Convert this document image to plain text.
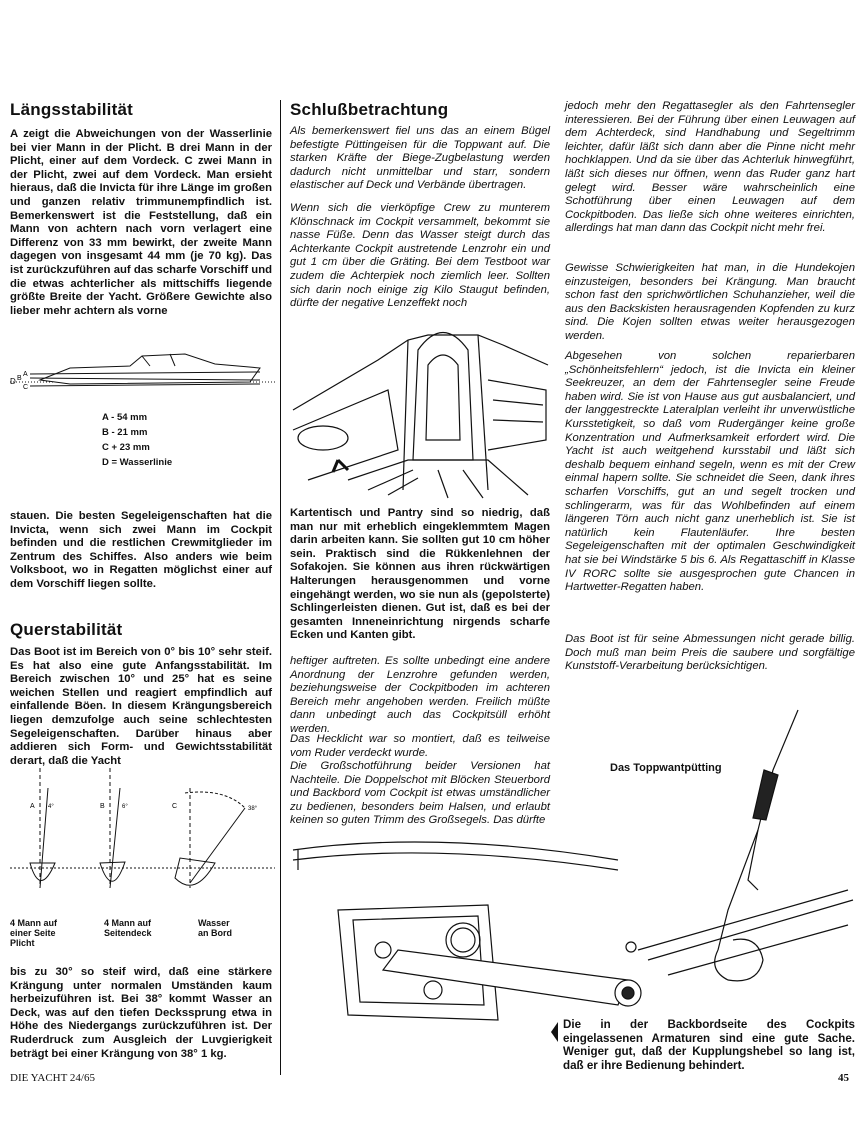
Längsstabilität

A zeigt die Abweichungen von der Wasserlinie bei vier Mann in der Plicht. B drei Mann in der Plicht, einer auf dem Vordeck. C zwei Mann in der Plicht, zwei auf dem Vordeck. Man ersieht hieraus, daß die Invicta für ihre Länge im großen und ganzen relativ trimmunempfindlich ist. Bemerkenswert ist die Feststellung, daß ein Mann von achtern nach vorn verlagert eine Differenz von 33 mm bewirkt, der zweite Mann dagegen von insgesamt 44 mm (je 70 kg). Das ist zurückzuführen auf das scharfe Vorschiff und die etwas achterlicher als mittschiffs liegende größte Breite der Yacht. Größere Gewichte also lieber mehr achtern als vorne

D B
A
C
A - 54 mm
B - 21 mm
C + 23 mm
D = Wasserlinie

stauen. Die besten Segeleigenschaften hat die Invicta, wenn sich zwei Mann im Cockpit befinden und die restlichen Crewmitglieder im Zentrum des Schiffes. Also anders wie beim Volksboot, wo in Regatten möglichst einer auf dem Vorschiff liegen sollte.

Querstabilität

Das Boot ist im Bereich von 0° bis 10° sehr steif. Es hat also eine gute Anfangsstabilität. Im Bereich zwischen 10° und 25° hat es seine weichen Stellen und reagiert empfindlich auf einfallende Böen. In diesem Krängungsbereich liegen demzufolge auch seine schlechtesten Segeleigenschaften. Darüber hinaus aber addieren sich Form- und Gewichtsstabilität derart, daß die Yacht

A 4°	B	6°	C	38°
4 Mann auf einer Seite Plicht
4 Mann auf Seitendeck
Wasser an Bord

bis zu 30° so steif wird, daß eine stärkere Krängung unter normalen Umständen kaum herbeizuführen ist. Bei 38° kommt Wasser an Deck, was auf den tiefen Deckssprung etwa in Höhe des Niedergangs zurückzuführen ist. Der Ruderdruck zum Ausgleich der Luvgierigkeit beträgt bei einer Krängung von 38° 1 kg.

Schlußbetrachtung

Als bemerkenswert fiel uns das an einem Bügel befestigte Püttingeisen für die Toppwant auf. Die starken Kräfte der Biege-Zugbelastung werden dadurch nicht unmittelbar und starr, sondern elastischer auf Deck und Verbände übertragen.

Wenn sich die vierköpfige Crew zu munterem Klönschnack im Cockpit versammelt, bekommt sie nasse Füße. Denn das Wasser steigt durch das Achterkante Cockpit austretende Lenzrohr ein und gut 1 cm über die Gräting. Bei dem Testboot war zudem die Achterpiek noch ziemlich leer. Sollten sich darin noch einige zig Kilo Staugut befinden, dürfte der negative Lenzeffekt noch

Kartentisch und Pantry sind so niedrig, daß man nur mit erheblich eingeklemmtem Magen darin arbeiten kann. Sie sollten gut 10 cm höher sein. Praktisch sind die Rükkenlehnen der Sofakojen. Sie können aus ihren rückwärtigen Halterungen herausgenommen und vorne eingehängt werden, wo sie nun als (gepolsterte) Schlingerleisten dienen. Gut ist, daß es bei der gesamten Inneneinrichtung nirgends scharfe Ecken und Kanten gibt.

heftiger auftreten. Es sollte unbedingt eine andere Anordnung der Lenzrohre gefunden werden, beziehungsweise der Cockpitboden im achteren Bereich mehr angehoben werden. Freilich müßte dann unbedingt auch das Cockpitsüll erhöht werden.

Das Hecklicht war so montiert, daß es teilweise vom Ruder verdeckt wurde.

Die Großschotführung beider Versionen hat Nachteile. Die Doppelschot mit Blöcken Steuerbord und Backbord vom Cockpit ist etwas umständlicher zu bedienen, besonders beim Halsen, und erlaubt keinen so guten Trimm des Großsegels. Das dürfte

jedoch mehr den Regattasegler als den Fahrtensegler interessieren. Bei der Führung über einen Leuwagen auf dem Achterdeck, sind Handhabung und Segeltrimm leichter, dafür läßt sich dann aber die Pinne nicht mehr hochklappen. Und da sie über das Achterluk hinwegführt, läßt sich dieses nur öffnen, wenn das Ruder ganz hart gelegt wird. Besser wäre wahrscheinlich eine Schotführung über einen Leuwagen auf dem Cockpitboden. Das ließe sich ohne weiteres einrichten, allerdings hat man dann das Cockpit nicht mehr frei.

Gewisse Schwierigkeiten hat man, in die Hundekojen einzusteigen, besonders bei Krängung. Man braucht schon fast den sprichwörtlichen Schuhanzieher, weil die aus den Backskisten herausragenden Kopfenden zu kurz sind. Die Kojen sollten etwas weiter herausgezogen werden.

Abgesehen von solchen reparierbaren „Schönheitsfehlern“ jedoch, ist die Invicta ein kleiner Seekreuzer, an dem der Fahrtensegler seine Freude haben wird. Sie ist von Hause aus gut ausbalanciert, und der langgestreckte Lateralplan verleiht ihr unverwüstliche Kursstetigkeit, so daß vom Rudergänger keine große Konzentration und Aufmerksamkeit erfordert wird. Die Yacht ist auch weitgehend kursstabil und läßt sich deshalb bequem einhand segeln, wenn es mit der Crew einmal hapern sollte. Sie schneidet die Seen, dank ihres scharfen Vorschiffs, gut an und segelt trocken und schlingerarm, was für das Wohlbefinden auf einem längeren Törn auch nicht ganz unerheblich ist. Sie ist natürlich kein Flautenläufer. Ihre besten Segeleigenschaften mit der optimalen Geschwindigkeit hat sie bei Windstärke 5 bis 6. Als Regattaschiff in Klasse IV RORC sollte sie ausgesprochen gute Chancen in Hartwetter-Regatten haben.

Das Boot ist für seine Abmessungen nicht gerade billig. Doch muß man beim Preis die saubere und sorgfältige Kunststoff-Verarbeitung berücksichtigen.

Das Toppwantpütting

Die in der Backbordseite des Cockpits eingelassenen Armaturen sind eine gute Sache. Weniger gut, daß der Kupplungshebel so lang ist, daß er ihre Bedienung behindert.

DIE YACHT 24/65	45
